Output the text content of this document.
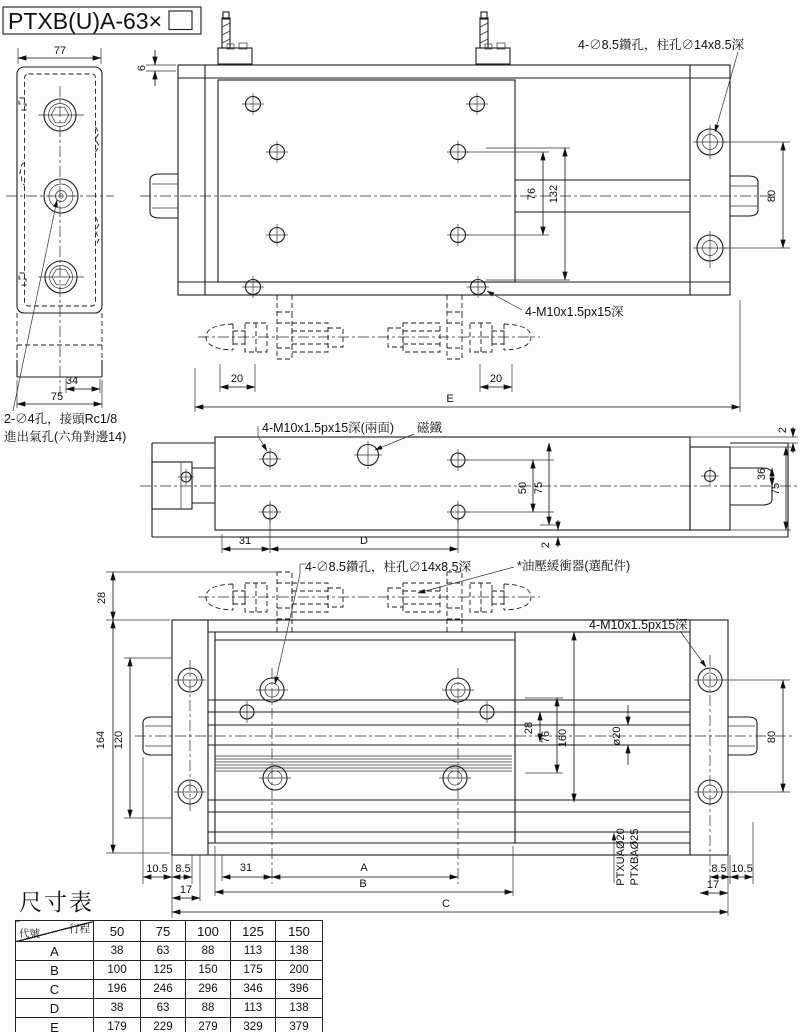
PTXB(U)A-63×
77
34
75
2-∅4孔，接頭Rc1/8
進出氣孔(六角對邊14)
6
76 132	80
20	20
E
4-∅8.5鑽孔，柱孔∅14x8.5深
4-M10x1.5px15深
50 75
2
36
75
2
31	D
4-M10x1.5px15深(兩面) 磁鐵
28
164 120
28
76 160	ø20	80
10.5 8.5
17
31	A
B
C
8.5 10.5
17
PTXUAØ20 PTXBAØ25
4-∅8.5鑽孔，柱孔∅14x8.5深	*油壓緩衝器(選配件)
4-M10x1.5px15深
尺寸表
行程
代號	50	75	100	125	150
A	38	63	88	113	138
B	100	125	150	175	200
C	196	246	296	346	396
D	38	63	88	113	138
E	179	229	279	329	379
